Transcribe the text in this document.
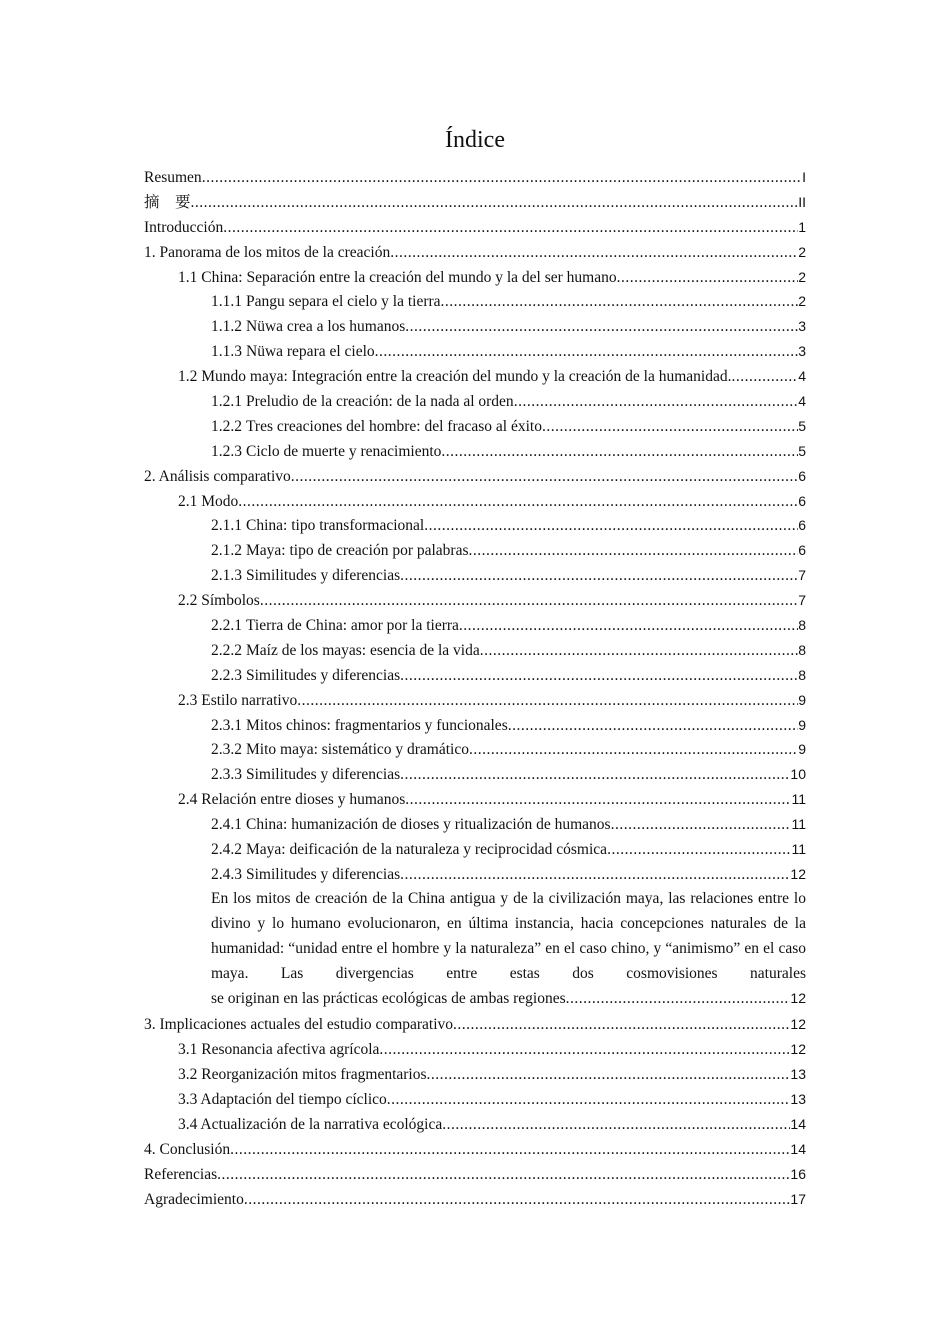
Índice
Resumen .....	I
摘　要 .....	II
Introducción .....	1
1. Panorama de los mitos de la creación .....	2
1.1 China: Separación entre la creación del mundo y la del ser humano .....	2
1.1.1 Pangu separa el cielo y la tierra .....	2
1.1.2 Nüwa crea a los humanos .....	3
1.1.3 Nüwa repara el cielo .....	3
1.2 Mundo maya: Integración entre la creación del mundo y la creación de la humanidad. .....	4
1.2.1 Preludio de la creación: de la nada al orden .....	4
1.2.2 Tres creaciones del hombre: del fracaso al éxito .....	5
1.2.3 Ciclo de muerte y renacimiento .....	5
2. Análisis comparativo .....	6
2.1 Modo .....	6
2.1.1 China: tipo transformacional .....	6
2.1.2 Maya: tipo de creación por palabras .....	6
2.1.3 Similitudes y diferencias .....	7
2.2 Símbolos .....	7
2.2.1 Tierra de China: amor por la tierra .....	8
2.2.2 Maíz de los mayas: esencia de la vida .....	8
2.2.3 Similitudes y diferencias .....	8
2.3 Estilo narrativo .....	9
2.3.1 Mitos chinos: fragmentarios y funcionales .....	9
2.3.2 Mito maya: sistemático y dramático .....	9
2.3.3 Similitudes y diferencias .....	10
2.4 Relación entre dioses y humanos .....	11
2.4.1 China: humanización de dioses y ritualización de humanos .....	11
2.4.2 Maya: deificación de la naturaleza y reciprocidad cósmica .....	11
2.4.3 Similitudes y diferencias .....	12
En los mitos de creación de la China antigua y de la civilización maya, las relaciones entre lo divino y lo humano evolucionaron, en última instancia, hacia concepciones naturales de la humanidad: “unidad entre el hombre y la naturaleza” en el caso chino, y “animismo” en el caso maya. Las divergencias entre estas dos cosmovisiones naturales
se originan en las prácticas ecológicas de ambas regiones .....	12
3. Implicaciones actuales del estudio comparativo .....	12
3.1 Resonancia afectiva agrícola .....	12
3.2 Reorganización mitos fragmentarios .....	13
3.3 Adaptación del tiempo cíclico .....	13
3.4 Actualización de la narrativa ecológica .....	14
4. Conclusión .....	14
Referencias .....	16
Agradecimiento .....	17
